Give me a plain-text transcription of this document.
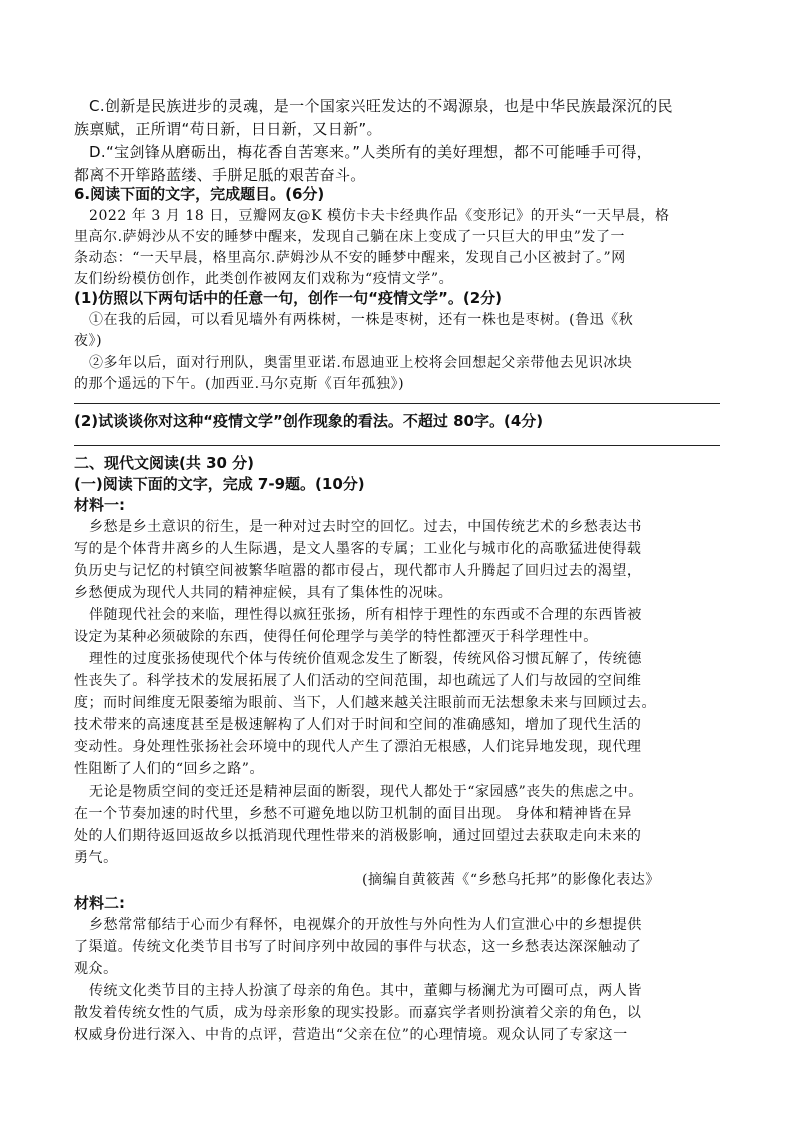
C.创新是民族进步的灵魂，是一个国家兴旺发达的不竭源泉，也是中华民族最深沉的民
族禀赋，正所谓“苟日新，日日新，又日新”。
D.“宝剑锋从磨砺出，梅花香自苦寒来。”人类所有的美好理想，都不可能唾手可得，
都离不开筚路蓝缕、手胼足胝的艰苦奋斗。
6.阅读下面的文字，完成题目。(6分)
2022 年 3 月 18 日，豆瓣网友@K 模仿卡夫卡经典作品《变形记》的开头“一天早晨，格
里高尔.萨姆沙从不安的睡梦中醒来，发现自己躺在床上变成了一只巨大的甲虫”发了一
条动态：“一天早晨，格里高尔.萨姆沙从不安的睡梦中醒来，发现自己小区被封了。”网
友们纷纷模仿创作，此类创作被网友们戏称为“疫情文学”。
(1)仿照以下两句话中的任意一句，创作一句“疫情文学”。(2分)
①在我的后园，可以看见墙外有两株树，一株是枣树，还有一株也是枣树。(鲁迅《秋
夜》)
②多年以后，面对行刑队，奥雷里亚诺.布恩迪亚上校将会回想起父亲带他去见识冰块
的那个遥远的下午。(加西亚.马尔克斯《百年孤独》)
(2)试谈谈你对这种“疫情文学”创作现象的看法。不超过 80字。(4分)
二、现代文阅读(共 30 分)
(一)阅读下面的文字，完成 7-9题。(10分)
材料一:
乡愁是乡土意识的衍生，是一种对过去时空的回忆。过去，中国传统艺术的乡愁表达书
写的是个体背井离乡的人生际遇，是文人墨客的专属；工业化与城市化的高歌猛进使得载
负历史与记忆的村镇空间被繁华喧嚣的都市侵占，现代都市人升腾起了回归过去的渴望，
乡愁便成为现代人共同的精神症候，具有了集体性的况味。
伴随现代社会的来临，理性得以疯狂张扬，所有相悖于理性的东西或不合理的东西皆被
设定为某种必须破除的东西，使得任何伦理学与美学的特性都湮灭于科学理性中。
理性的过度张扬使现代个体与传统价值观念发生了断裂，传统风俗习惯瓦解了，传统德
性丧失了。科学技术的发展拓展了人们活动的空间范围，却也疏远了人们与故园的空间维
度；而时间维度无限萎缩为眼前、当下，人们越来越关注眼前而无法想象未来与回顾过去。
技术带来的高速度甚至是极速解构了人们对于时间和空间的准确感知，增加了现代生活的
变动性。身处理性张扬社会环境中的现代人产生了漂泊无根感，人们诧异地发现，现代理
性阻断了人们的“回乡之路”。
无论是物质空间的变迁还是精神层面的断裂，现代人都处于“家园感”丧失的焦虑之中。
在一个节奏加速的时代里，乡愁不可避免地以防卫机制的面目出现。 身体和精神皆在异
处的人们期待返回返故乡以抵消现代理性带来的消极影响，通过回望过去获取走向未来的
勇气。
(摘编自黄筱茜《“乡愁乌托邦”的影像化表达》
材料二:
乡愁常常郁结于心而少有释怀，电视媒介的开放性与外向性为人们宣泄心中的乡想提供
了渠道。传统文化类节目书写了时间序列中故园的事件与状态，这一乡愁表达深深触动了
观众。
传统文化类节目的主持人扮演了母亲的角色。其中，董卿与杨澜尤为可圈可点，两人皆
散发着传统女性的气质，成为母亲形象的现实投影。而嘉宾学者则扮演着父亲的角色，以
权威身份进行深入、中肯的点评，营造出“父亲在位”的心理情境。观众认同了专家这一
